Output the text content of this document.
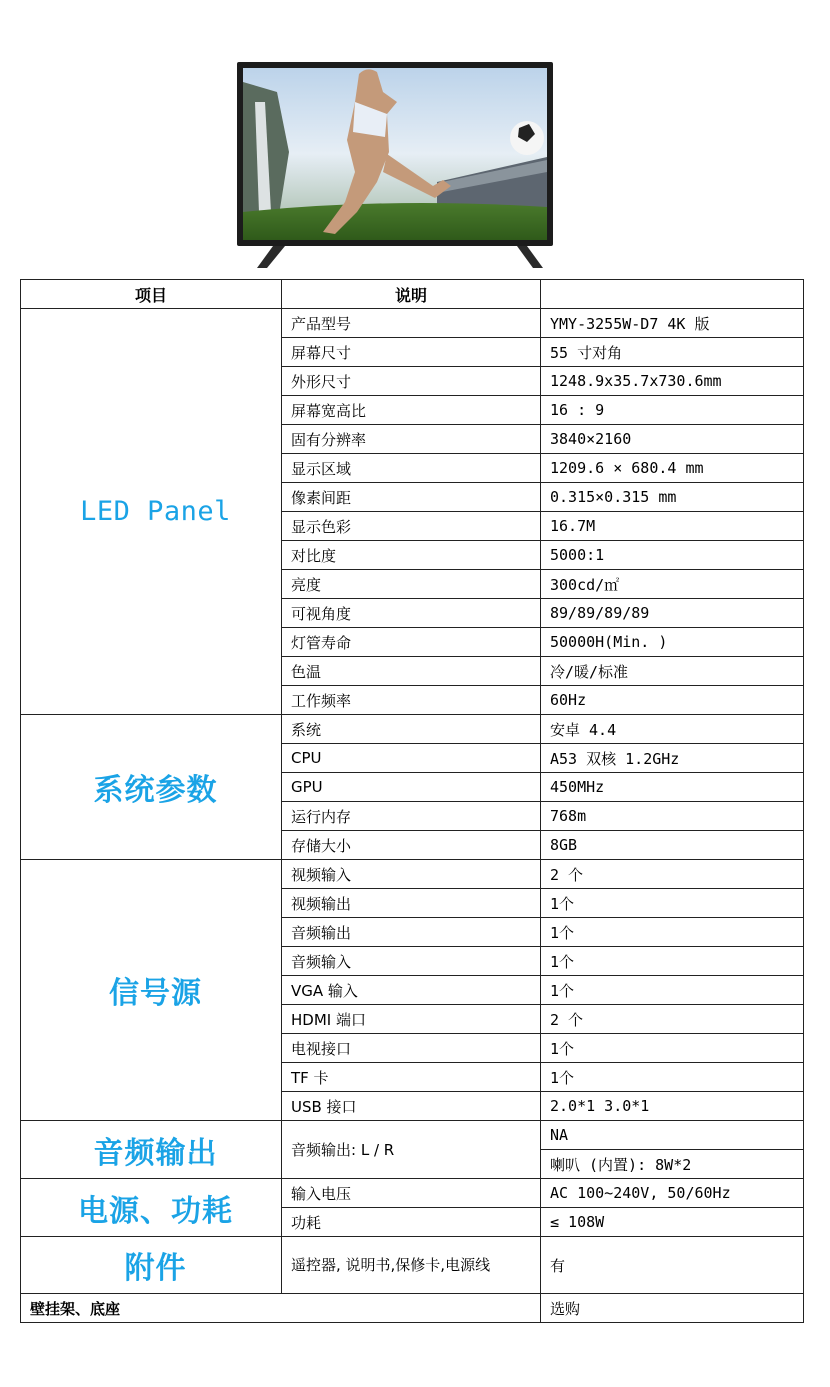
项目	说明	
LED Panel	产品型号	YMY-3255W-D7 4K 版
	屏幕尺寸	55 寸对角
	外形尺寸	1248.9x35.7x730.6mm
	屏幕宽高比	16 : 9
	固有分辨率	3840×2160
	显示区域	1209.6 × 680.4 mm
	像素间距	0.315×0.315 mm
	显示色彩	16.7M
	对比度	5000:1
	亮度	300cd/㎡
	可视角度	89/89/89/89
	灯管寿命	50000H(Min. )
	色温	冷/暖/标准
	工作频率	60Hz
系统参数	系统	安卓 4.4
	CPU	A53 双核 1.2GHz
	GPU	450MHz
	运行内存	768m
	存储大小	8GB
信号源	视频输入	2 个
	视频输出	1个
	音频输出	1个
	音频输入	1个
	VGA 输入	1个
	HDMI 端口	2 个
	电视接口	1个
	TF 卡	1个
	USB 接口	2.0*1 3.0*1
音频输出	音频输出: L / R	NA
		喇叭 (内置): 8W*2
电源、功耗	输入电压	AC 100~240V, 50/60Hz
	功耗	≤ 108W
附件	遥控器, 说明书,保修卡,电源线	有
壁挂架、底座		选购
